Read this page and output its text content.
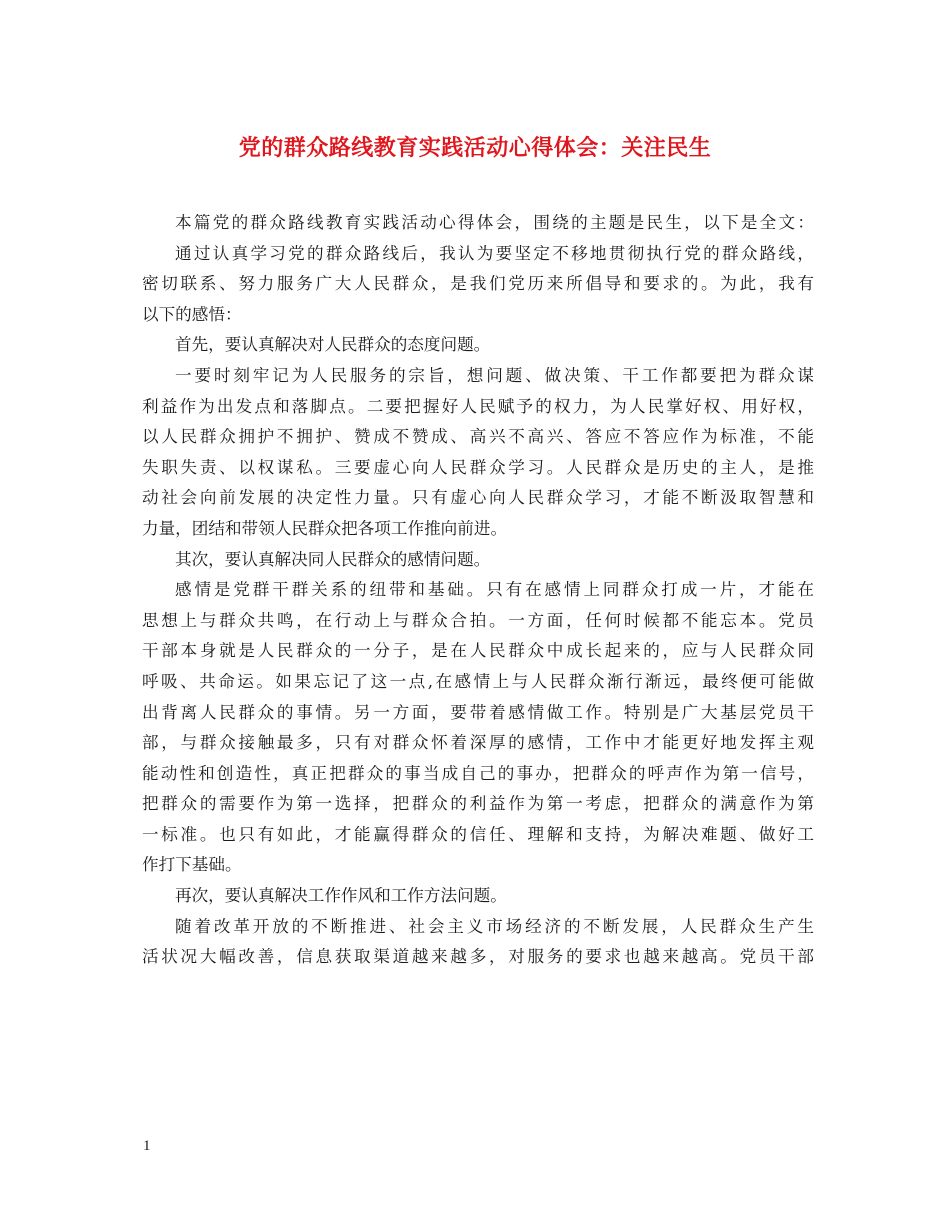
党的群众路线教育实践活动心得体会：关注民生
本篇党的群众路线教育实践活动心得体会，围绕的主题是民生，以下是全文：
通过认真学习党的群众路线后，我认为要坚定不移地贯彻执行党的群众路线，
密切联系、努力服务广大人民群众，是我们党历来所倡导和要求的。为此，我有
以下的感悟：
首先，要认真解决对人民群众的态度问题。
一要时刻牢记为人民服务的宗旨，想问题、做决策、干工作都要把为群众谋
利益作为出发点和落脚点。二要把握好人民赋予的权力，为人民掌好权、用好权，
以人民群众拥护不拥护、赞成不赞成、高兴不高兴、答应不答应作为标准，不能
失职失责、以权谋私。三要虚心向人民群众学习。人民群众是历史的主人，是推
动社会向前发展的决定性力量。只有虚心向人民群众学习，才能不断汲取智慧和
力量，团结和带领人民群众把各项工作推向前进。
其次，要认真解决同人民群众的感情问题。
感情是党群干群关系的纽带和基础。只有在感情上同群众打成一片，才能在
思想上与群众共鸣，在行动上与群众合拍。一方面，任何时候都不能忘本。党员
干部本身就是人民群众的一分子，是在人民群众中成长起来的，应与人民群众同
呼吸、共命运。如果忘记了这一点,在感情上与人民群众渐行渐远，最终便可能做
出背离人民群众的事情。另一方面，要带着感情做工作。特别是广大基层党员干
部，与群众接触最多，只有对群众怀着深厚的感情，工作中才能更好地发挥主观
能动性和创造性，真正把群众的事当成自己的事办，把群众的呼声作为第一信号，
把群众的需要作为第一选择，把群众的利益作为第一考虑，把群众的满意作为第
一标准。也只有如此，才能赢得群众的信任、理解和支持，为解决难题、做好工
作打下基础。
再次，要认真解决工作作风和工作方法问题。
随着改革开放的不断推进、社会主义市场经济的不断发展，人民群众生产生
活状况大幅改善，信息获取渠道越来越多，对服务的要求也越来越高。党员干部
1
